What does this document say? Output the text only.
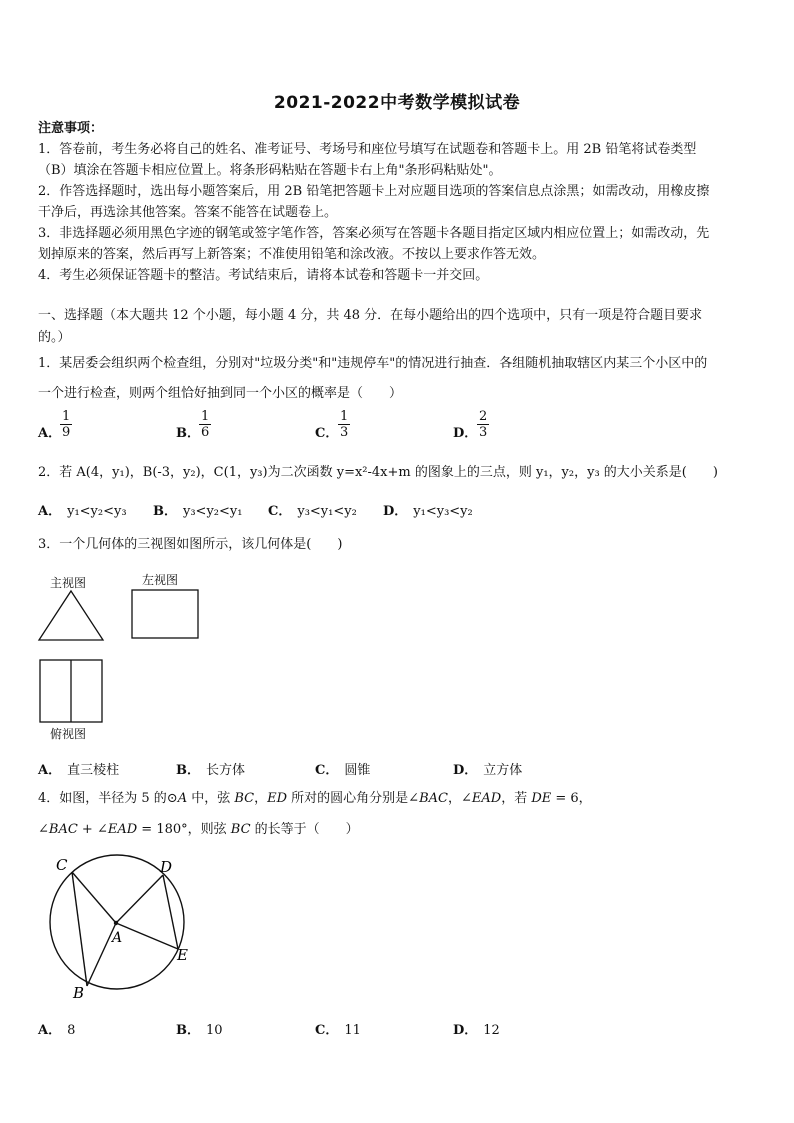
2021-2022中考数学模拟试卷
注意事项：
1．答卷前，考生务必将自己的姓名、准考证号、考场号和座位号填写在试题卷和答题卡上。用 2B 铅笔将试卷类型
（B）填涂在答题卡相应位置上。将条形码粘贴在答题卡右上角"条形码粘贴处"。
2．作答选择题时，选出每小题答案后，用 2B 铅笔把答题卡上对应题目选项的答案信息点涂黑；如需改动，用橡皮擦
干净后，再选涂其他答案。答案不能答在试题卷上。
3．非选择题必须用黑色字迹的钢笔或签字笔作答，答案必须写在答题卡各题目指定区域内相应位置上；如需改动，先
划掉原来的答案，然后再写上新答案；不准使用铅笔和涂改液。不按以上要求作答无效。
4．考生必须保证答题卡的整洁。考试结束后，请将本试卷和答题卡一并交回。
一、选择题（本大题共 12 个小题，每小题 4 分，共 48 分．在每小题给出的四个选项中，只有一项是符合题目要求
的。）
1．某居委会组织两个检查组，分别对"垃圾分类"和"违规停车"的情况进行抽查．各组随机抽取辖区内某三个小区中的
一个进行检查，则两个组恰好抽到同一个小区的概率是（　　）
A．
$\frac{1}{9}$	B． $\frac{1}{6}$	C． $\frac{1}{3}$	D． $\frac{2}{3}$
2．若 A(4，y₁)，B(-3，y₂)，C(1，y₃)为二次函数 y=x²-4x+m 的图象上的三点，则 y₁，y₂，y₃ 的大小关系是(　　)
A． y₁<y₂<y₃ B． y₃<y₂<y₁ C． y₃<y₁<y₂ D． y₁<y₃<y₂
3．一个几何体的三视图如图所示，该几何体是(　　)
主视图	左视图
俯视图
A． 直三棱柱	B． 长方体	C． 圆锥	D． 立方体
4．如图，半径为 5 的⊙A 中，弦 BC，ED 所对的圆心角分别是∠BAC，∠EAD，若 DE = 6，
∠BAC + ∠EAD = 180°，则弦 BC 的长等于（　　）
C	D
A
E
B
A． 8	B． 10	C． 11	D． 12
